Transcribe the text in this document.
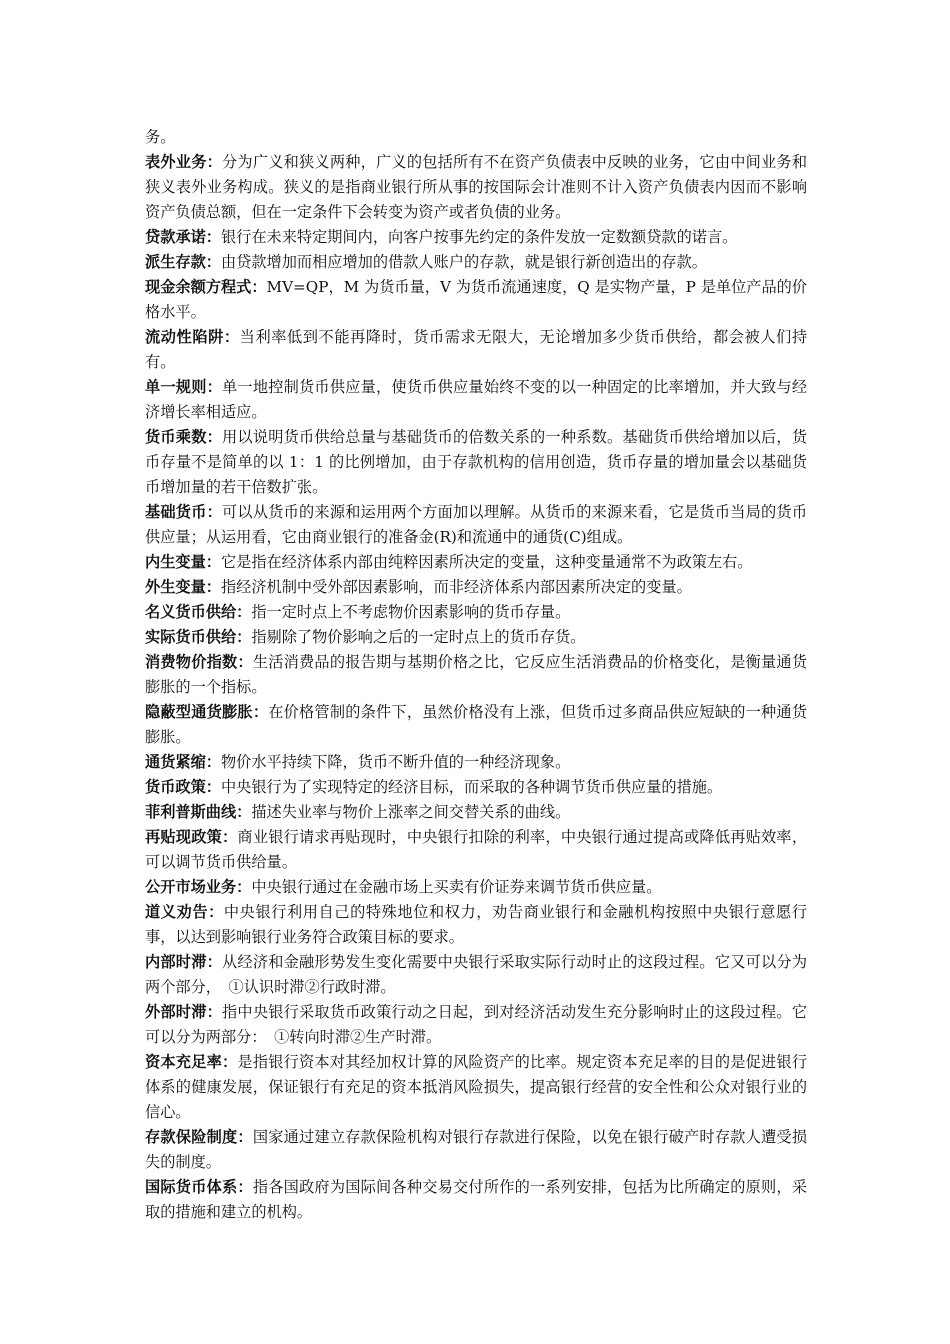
务。

表外业务：分为广义和狭义两种，广义的包括所有不在资产负债表中反映的业务，它由中间业务和狭义表外业务构成。狭义的是指商业银行所从事的按国际会计准则不计入资产负债表内因而不影响资产负债总额，但在一定条件下会转变为资产或者负债的业务。

贷款承诺：银行在未来特定期间内，向客户按事先约定的条件发放一定数额贷款的诺言。

派生存款：由贷款增加而相应增加的借款人账户的存款，就是银行新创造出的存款。

现金余额方程式：MV=QP，M 为货币量，V 为货币流通速度，Q 是实物产量，P 是单位产品的价格水平。

流动性陷阱：当利率低到不能再降时，货币需求无限大，无论增加多少货币供给，都会被人们持有。

单一规则：单一地控制货币供应量，使货币供应量始终不变的以一种固定的比率增加，并大致与经济增长率相适应。

货币乘数：用以说明货币供给总量与基础货币的倍数关系的一种系数。基础货币供给增加以后，货币存量不是简单的以 1：1 的比例增加，由于存款机构的信用创造，货币存量的增加量会以基础货币增加量的若干倍数扩张。

基础货币：可以从货币的来源和运用两个方面加以理解。从货币的来源来看，它是货币当局的货币供应量；从运用看，它由商业银行的准备金(R)和流通中的通货(C)组成。

内生变量：它是指在经济体系内部由纯粹因素所决定的变量，这种变量通常不为政策左右。

外生变量：指经济机制中受外部因素影响，而非经济体系内部因素所决定的变量。

名义货币供给：指一定时点上不考虑物价因素影响的货币存量。

实际货币供给：指剔除了物价影响之后的一定时点上的货币存货。

消费物价指数：生活消费品的报告期与基期价格之比，它反应生活消费品的价格变化，是衡量通货膨胀的一个指标。

隐蔽型通货膨胀：在价格管制的条件下，虽然价格没有上涨，但货币过多商品供应短缺的一种通货膨胀。

通货紧缩：物价水平持续下降，货币不断升值的一种经济现象。

货币政策：中央银行为了实现特定的经济目标，而采取的各种调节货币供应量的措施。

菲利普斯曲线：描述失业率与物价上涨率之间交替关系的曲线。

再贴现政策：商业银行请求再贴现时，中央银行扣除的利率，中央银行通过提高或降低再贴效率，可以调节货币供给量。

公开市场业务：中央银行通过在金融市场上买卖有价证券来调节货币供应量。

道义劝告：中央银行利用自己的特殊地位和权力，劝告商业银行和金融机构按照中央银行意愿行事，以达到影响银行业务符合政策目标的要求。

内部时滞：从经济和金融形势发生变化需要中央银行采取实际行动时止的这段过程。它又可以分为两个部分，　①认识时滞②行政时滞。

外部时滞：指中央银行采取货币政策行动之日起，到对经济活动发生充分影响时止的这段过程。它可以分为两部分：　①转向时滞②生产时滞。

资本充足率：是指银行资本对其经加权计算的风险资产的比率。规定资本充足率的目的是促进银行体系的健康发展，保证银行有充足的资本抵消风险损失，提高银行经营的安全性和公众对银行业的信心。

存款保险制度：国家通过建立存款保险机构对银行存款进行保险，以免在银行破产时存款人遭受损失的制度。

国际货币体系：指各国政府为国际间各种交易交付所作的一系列安排，包括为比所确定的原则，采取的措施和建立的机构。
